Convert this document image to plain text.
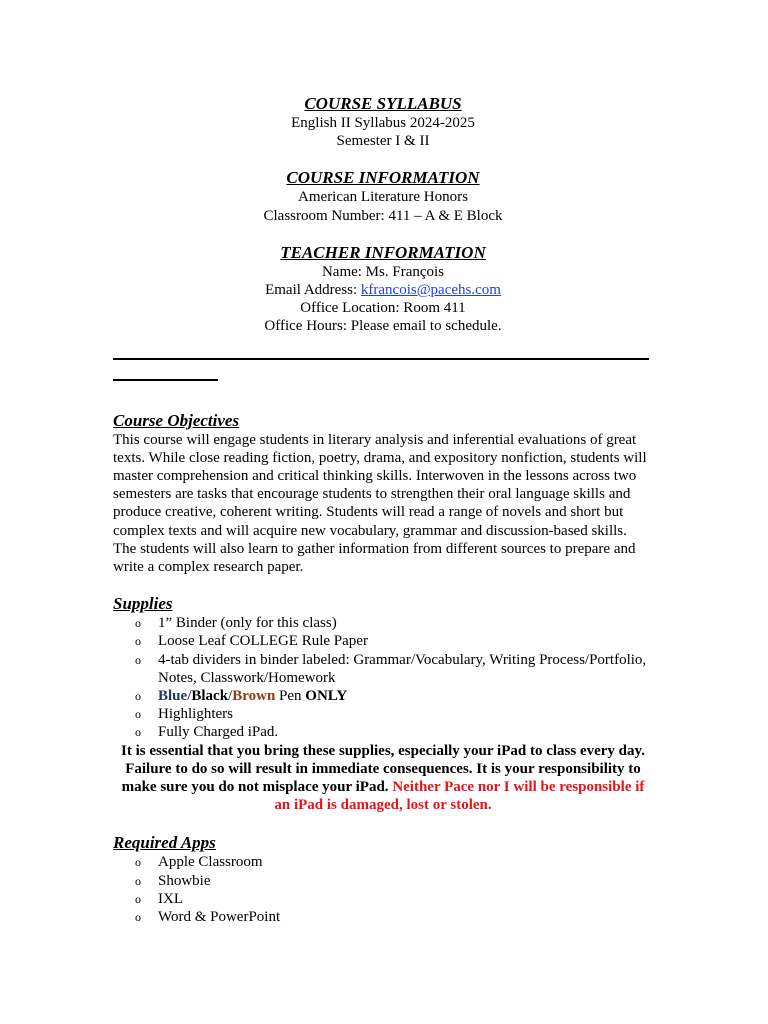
COURSE SYLLABUS
English II Syllabus 2024-2025
Semester I & II
COURSE INFORMATION
American Literature Honors
Classroom Number: 411 – A & E Block
TEACHER INFORMATION
Name: Ms. François
Email Address: kfrancois@pacehs.com
Office Location: Room 411
Office Hours: Please email to schedule.
Course Objectives

This course will engage students in literary analysis and inferential evaluations of great texts. While close reading fiction, poetry, drama, and expository nonfiction, students will master comprehension and critical thinking skills. Interwoven in the lessons across two semesters are tasks that encourage students to strengthen their oral language skills and produce creative, coherent writing. Students will read a range of novels and short but complex texts and will acquire new vocabulary, grammar and discussion-based skills. The students will also learn to gather information from different sources to prepare and write a complex research paper.

Supplies
o 1” Binder (only for this class)
o Loose Leaf COLLEGE Rule Paper
o 4-tab dividers in binder labeled: Grammar/Vocabulary, Writing Process/Portfolio, Notes, Classwork/Homework
o Blue/Black/Brown Pen ONLY
o Highlighters
o Fully Charged iPad.
It is essential that you bring these supplies, especially your iPad to class every day. Failure to do so will result in immediate consequences. It is your responsibility to make sure you do not misplace your iPad. Neither Pace nor I will be responsible if an iPad is damaged, lost or stolen.
Required Apps
o Apple Classroom
o Showbie
o IXL
o Word & PowerPoint
